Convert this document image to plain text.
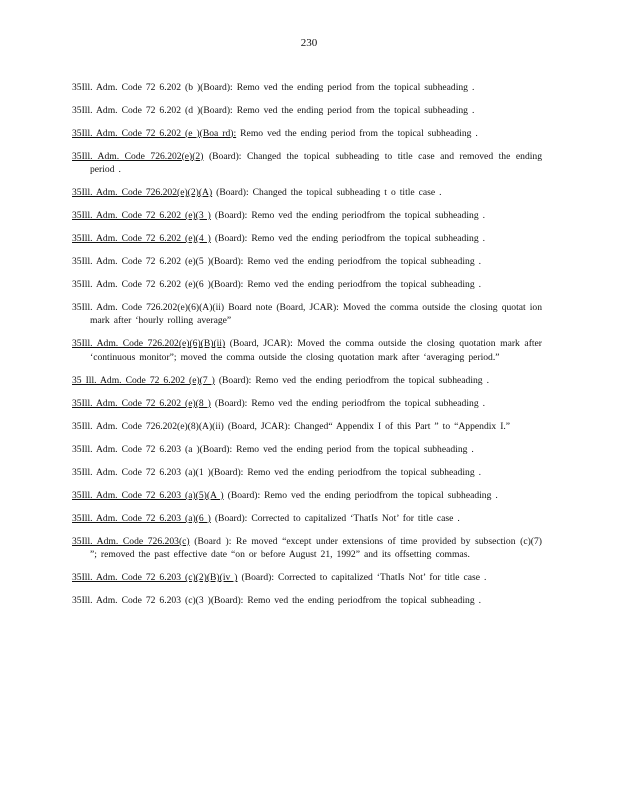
230

35Ill. Adm. Code 72 6.202 (b )(Board): Remo ved the ending period from the topical subheading .

35Ill. Adm. Code 72 6.202 (d )(Board): Remo ved the ending period from the topical subheading .

35Ill. Adm. Code 72 6.202 (e )(Boa rd): Remo ved the ending period from the topical subheading .

35Ill. Adm. Code 726.202(e)(2) (Board): Changed the topical subheading to title case and removed the ending period .

35Ill. Adm. Code 726.202(e)(2)(A) (Board): Changed the topical subheading t o title case .

35Ill. Adm. Code 72 6.202 (e)(3 ) (Board): Remo ved the ending periodfrom the topical subheading .

35Ill. Adm. Code 72 6.202 (e)(4 ) (Board): Remo ved the ending periodfrom the topical subheading .

35Ill. Adm. Code 72 6.202 (e)(5 )(Board): Remo ved the ending periodfrom the topical subheading .

35Ill. Adm. Code 72 6.202 (e)(6 )(Board): Remo ved the ending periodfrom the topical subheading .

35Ill. Adm. Code 726.202(e)(6)(A)(ii) Board note (Board, JCAR): Moved the comma outside the closing quotat ion mark after ‘hourly rolling average”

35Ill. Adm. Code 726.202(e)(6)(B)(ii) (Board, JCAR): Moved the comma outside the closing quotation mark after ‘continuous monitor”; moved the comma outside the closing quotation mark after ‘averaging period.”

35 Ill. Adm. Code 72 6.202 (e)(7 ) (Board): Remo ved the ending periodfrom the topical subheading .

35Ill. Adm. Code 72 6.202 (e)(8 ) (Board): Remo ved the ending periodfrom the topical subheading .

35Ill. Adm. Code 726.202(e)(8)(A)(ii) (Board, JCAR): Changed“ Appendix I of this Part ” to “Appendix I.”

35Ill. Adm. Code 72 6.203 (a )(Board): Remo ved the ending period from the topical subheading .

35Ill. Adm. Code 72 6.203 (a)(1 )(Board): Remo ved the ending periodfrom the topical subheading .

35Ill. Adm. Code 72 6.203 (a)(5)(A ) (Board): Remo ved the ending periodfrom the topical subheading .

35Ill. Adm. Code 72 6.203 (a)(6 ) (Board): Corrected to capitalized ‘ThatIs Not’ for title case .

35Ill. Adm. Code 726.203(c) (Board ): Re moved “except under extensions of time provided by subsection (c)(7) ”; removed the past effective date “on or before August 21, 1992” and its offsetting commas.

35Ill. Adm. Code 72 6.203 (c)(2)(B)(iv ) (Board): Corrected to capitalized ‘ThatIs Not’ for title case .

35Ill. Adm. Code 72 6.203 (c)(3 )(Board): Remo ved the ending periodfrom the topical subheading .
